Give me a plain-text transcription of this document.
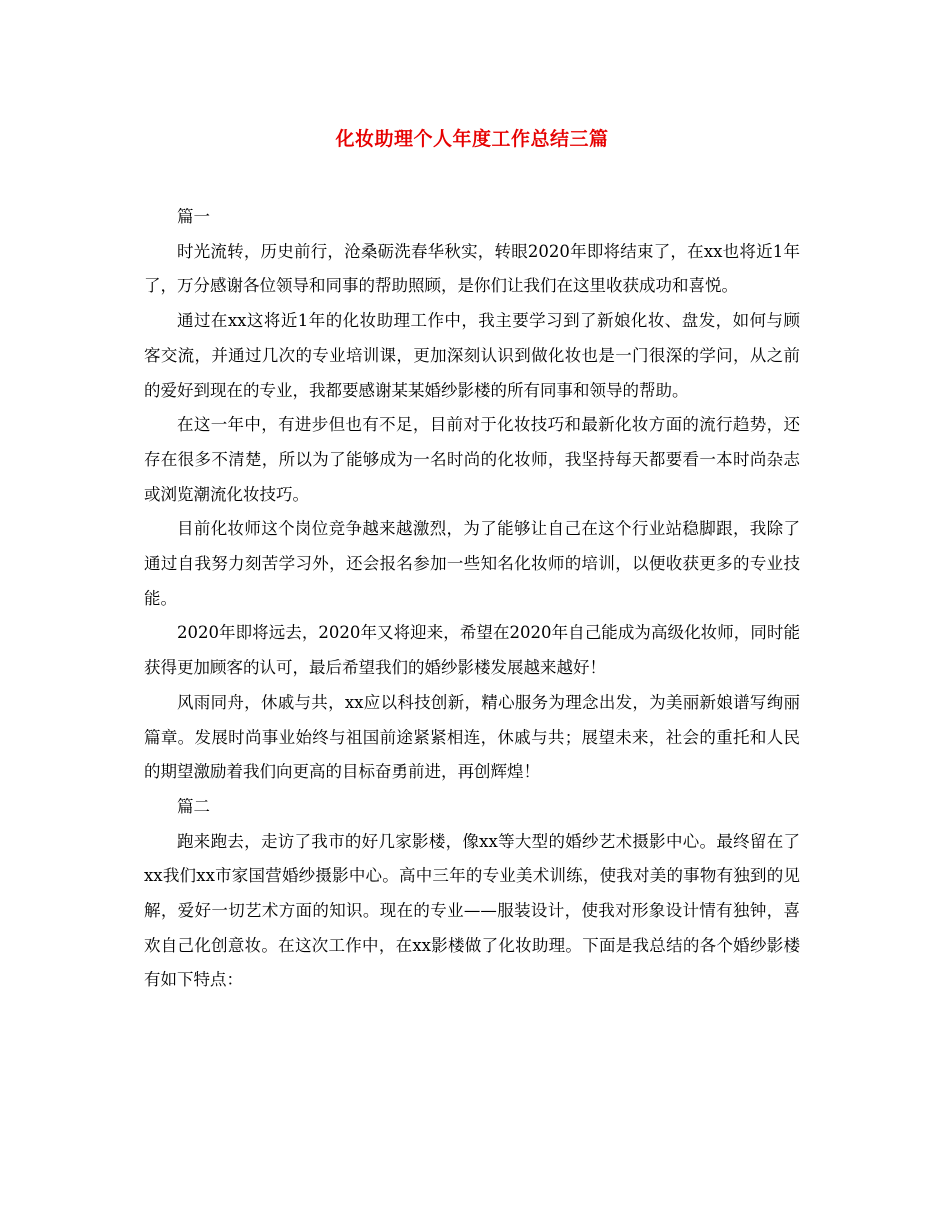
化妆助理个人年度工作总结三篇

篇一

时光流转，历史前行，沧桑砺洗春华秋实，转眼2020年即将结束了，在xx也将近1年了，万分感谢各位领导和同事的帮助照顾，是你们让我们在这里收获成功和喜悦。

通过在xx这将近1年的化妆助理工作中，我主要学习到了新娘化妆、盘发，如何与顾客交流，并通过几次的专业培训课，更加深刻认识到做化妆也是一门很深的学问，从之前的爱好到现在的专业，我都要感谢某某婚纱影楼的所有同事和领导的帮助。

在这一年中，有进步但也有不足，目前对于化妆技巧和最新化妆方面的流行趋势，还存在很多不清楚，所以为了能够成为一名时尚的化妆师，我坚持每天都要看一本时尚杂志或浏览潮流化妆技巧。

目前化妆师这个岗位竞争越来越激烈，为了能够让自己在这个行业站稳脚跟，我除了通过自我努力刻苦学习外，还会报名参加一些知名化妆师的培训，以便收获更多的专业技能。

2020年即将远去，2020年又将迎来，希望在2020年自己能成为高级化妆师，同时能获得更加顾客的认可，最后希望我们的婚纱影楼发展越来越好！

风雨同舟，休戚与共，xx应以科技创新，精心服务为理念出发，为美丽新娘谱写绚丽篇章。发展时尚事业始终与祖国前途紧紧相连，休戚与共；展望未来，社会的重托和人民的期望激励着我们向更高的目标奋勇前进，再创辉煌！

篇二

跑来跑去，走访了我市的好几家影楼，像xx等大型的婚纱艺术摄影中心。最终留在了xx我们xx市家国营婚纱摄影中心。高中三年的专业美术训练，使我对美的事物有独到的见解，爱好一切艺术方面的知识。现在的专业——服装设计，使我对形象设计情有独钟，喜欢自己化创意妆。在这次工作中，在xx影楼做了化妆助理。下面是我总结的各个婚纱影楼有如下特点：
